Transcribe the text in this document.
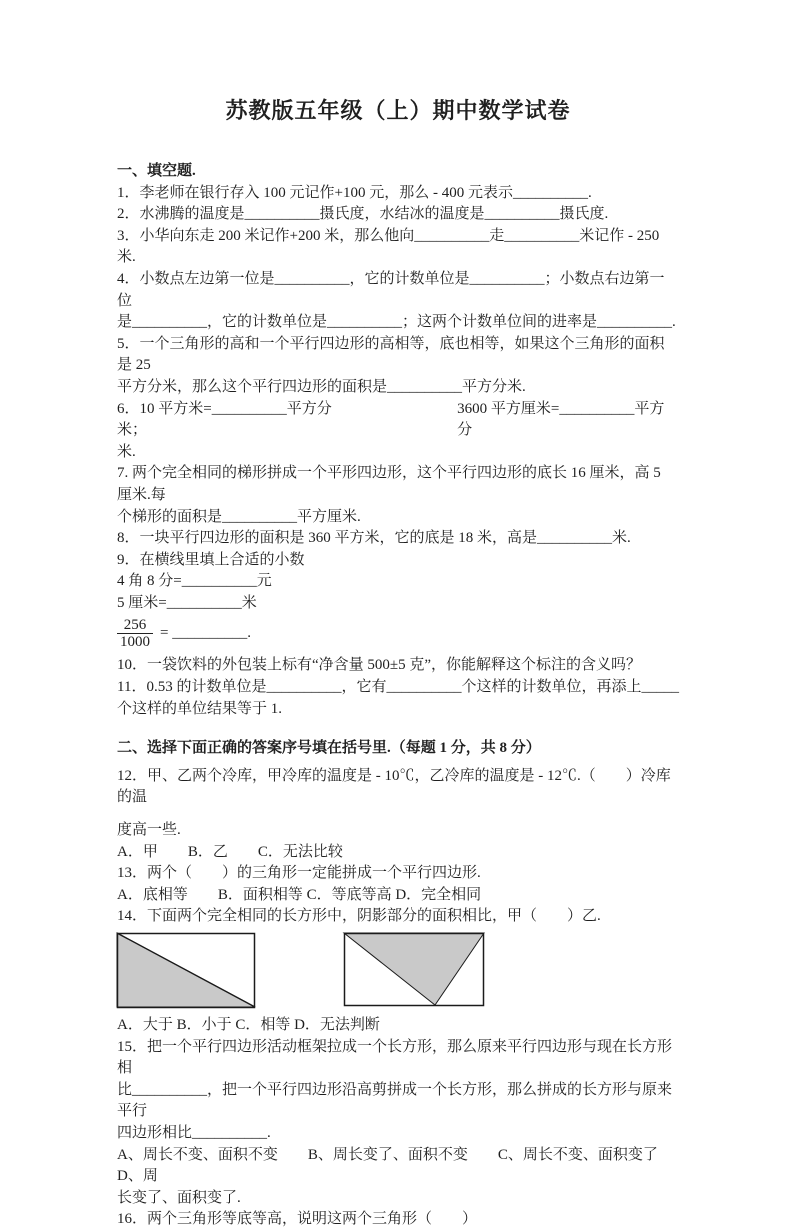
苏教版五年级（上）期中数学试卷
一、填空题.
1．李老师在银行存入 100 元记作+100 元，那么 - 400 元表示__________.
2．水沸腾的温度是__________摄氏度，水结冰的温度是__________摄氏度.
3．小华向东走 200 米记作+200 米，那么他向__________走__________米记作 - 250 米.
4．小数点左边第一位是__________，它的计数单位是__________；小数点右边第一位
是__________，它的计数单位是__________；这两个计数单位间的进率是__________.
5．一个三角形的高和一个平行四边形的高相等，底也相等，如果这个三角形的面积是 25
平方分米，那么这个平行四边形的面积是__________平方分米.
6．10 平方米=__________平方分米；
3600 平方厘米=__________平方分
米.
7. 两个完全相同的梯形拼成一个平形四边形，这个平行四边形的底长 16 厘米，高 5 厘米.每
个梯形的面积是__________平方厘米.
8．一块平行四边形的面积是 360 平方米，它的底是 18 米，高是__________米.
9．在横线里填上合适的小数
4 角 8 分=__________元
5 厘米=__________米
$\frac{256}{1000}$ = __________.
10．一袋饮料的外包装上标有“净含量 500±5 克”，你能解释这个标注的含义吗？
11．0.53 的计数单位是__________，它有__________个这样的计数单位，再添上_____
个这样的单位结果等于 1.
二、选择下面正确的答案序号填在括号里.（每题 1 分，共 8 分）
12．甲、乙两个冷库，甲冷库的温度是 - 10℃，乙冷库的温度是 - 12℃.（　　）冷库的温
度高一些.
A．甲　　B．乙　　C．无法比较
13．两个（　　）的三角形一定能拼成一个平行四边形.
A．底相等　　B．面积相等 C．等底等高 D．完全相同
14．下面两个完全相同的长方形中，阴影部分的面积相比，甲（　　）乙.
A．大于 B．小于 C．相等 D．无法判断
15．把一个平行四边形活动框架拉成一个长方形，那么原来平行四边形与现在长方形相
比__________，把一个平行四边形沿高剪拼成一个长方形，那么拼成的长方形与原来平行
四边形相比__________.
A、周长不变、面积不变　　B、周长变了、面积不变　　C、周长不变、面积变了　　D、周
长变了、面积变了.
16．两个三角形等底等高，说明这两个三角形（　　）
